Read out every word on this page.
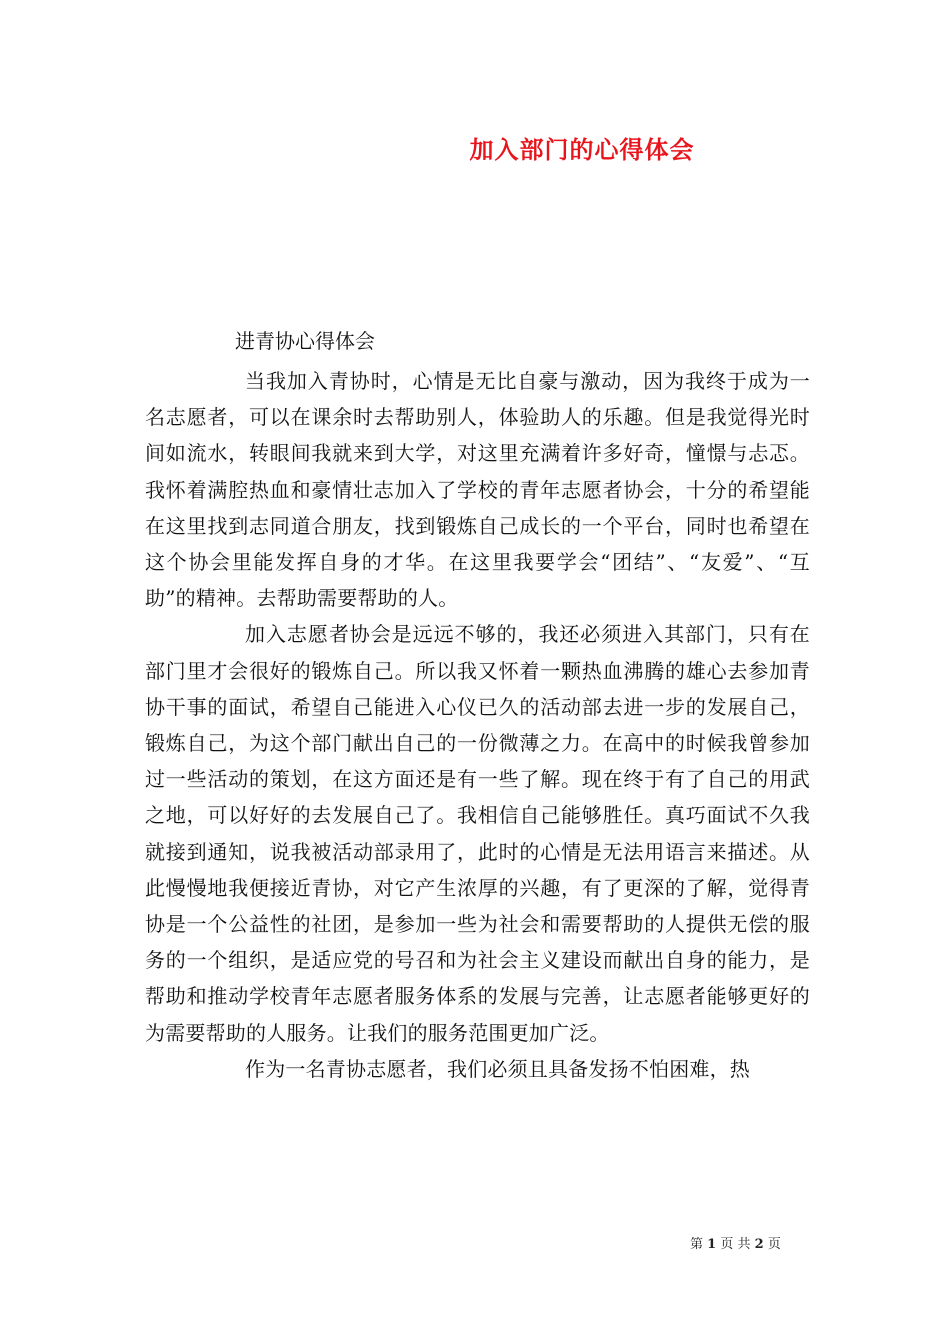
加入部门的心得体会

进青协心得体会

当我加入青协时，心情是无比自豪与激动，因为我终于成为一名志愿者，可以在课余时去帮助别人，体验助人的乐趣。但是我觉得光时间如流水，转眼间我就来到大学，对这里充满着许多好奇，憧憬与忐忑。我怀着满腔热血和豪情壮志加入了学校的青年志愿者协会，十分的希望能在这里找到志同道合朋友，找到锻炼自己成长的一个平台，同时也希望在这个协会里能发挥自身的才华。在这里我要学会“团结”、“友爱”、“互助”的精神。去帮助需要帮助的人。

加入志愿者协会是远远不够的，我还必须进入其部门，只有在部门里才会很好的锻炼自己。所以我又怀着一颗热血沸腾的雄心去参加青协干事的面试，希望自己能进入心仪已久的活动部去进一步的发展自己，锻炼自己，为这个部门献出自己的一份微薄之力。在高中的时候我曾参加过一些活动的策划，在这方面还是有一些了解。现在终于有了自己的用武之地，可以好好的去发展自己了。我相信自己能够胜任。真巧面试不久我就接到通知，说我被活动部录用了，此时的心情是无法用语言来描述。从此慢慢地我便接近青协，对它产生浓厚的兴趣，有了更深的了解，觉得青协是一个公益性的社团，是参加一些为社会和需要帮助的人提供无偿的服务的一个组织，是适应党的号召和为社会主义建设而献出自身的能力，是帮助和推动学校青年志愿者服务体系的发展与完善，让志愿者能够更好的为需要帮助的人服务。让我们的服务范围更加广泛。

作为一名青协志愿者，我们必须且具备发扬不怕困难，热

第 1 页 共 2 页
